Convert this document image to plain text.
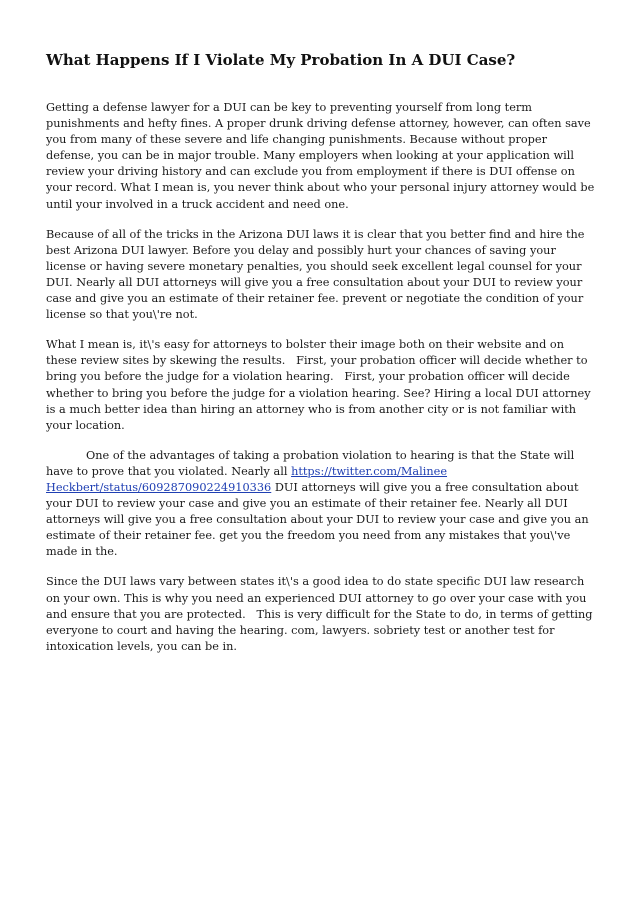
What Happens If I Violate My Probation In A DUI Case?

Getting a defense lawyer for a DUI can be key to preventing yourself from long term punishments and hefty fines. A proper drunk driving defense attorney, however, can often save you from many of these severe and life changing punishments. Because without proper defense, you can be in major trouble. Many employers when looking at your application will review your driving history and can exclude you from employment if there is DUI offense on your record. What I mean is, you never think about who your personal injury attorney would be until your involved in a truck accident and need one.

Because of all of the tricks in the Arizona DUI laws it is clear that you better find and hire the best Arizona DUI lawyer. Before you delay and possibly hurt your chances of saving your license or having severe monetary penalties, you should seek excellent legal counsel for your DUI. Nearly all DUI attorneys will give you a free consultation about your DUI to review your case and give you an estimate of their retainer fee. prevent or negotiate the condition of your license so that you\'re not.

What I mean is, it\'s easy for attorneys to bolster their image both on their website and on these review sites by skewing the results.   First, your probation officer will decide whether to bring you before the judge for a violation hearing.   First, your probation officer will decide whether to bring you before the judge for a violation hearing. See? Hiring a local DUI attorney is a much better idea than hiring an attorney who is from another city or is not familiar with your location.

One of the advantages of taking a probation violation to hearing is that the State will have to prove that you violated. Nearly all https://twitter.com/Malinee Heckbert/status/609287090224910336 DUI attorneys will give you a free consultation about your DUI to review your case and give you an estimate of their retainer fee. Nearly all DUI attorneys will give you a free consultation about your DUI to review your case and give you an estimate of their retainer fee. get you the freedom you need from any mistakes that you\'ve made in the.

Since the DUI laws vary between states it\'s a good idea to do state specific DUI law research on your own. This is why you need an experienced DUI attorney to go over your case with you and ensure that you are protected.   This is very difficult for the State to do, in terms of getting everyone to court and having the hearing. com, lawyers. sobriety test or another test for intoxication levels, you can be in.
